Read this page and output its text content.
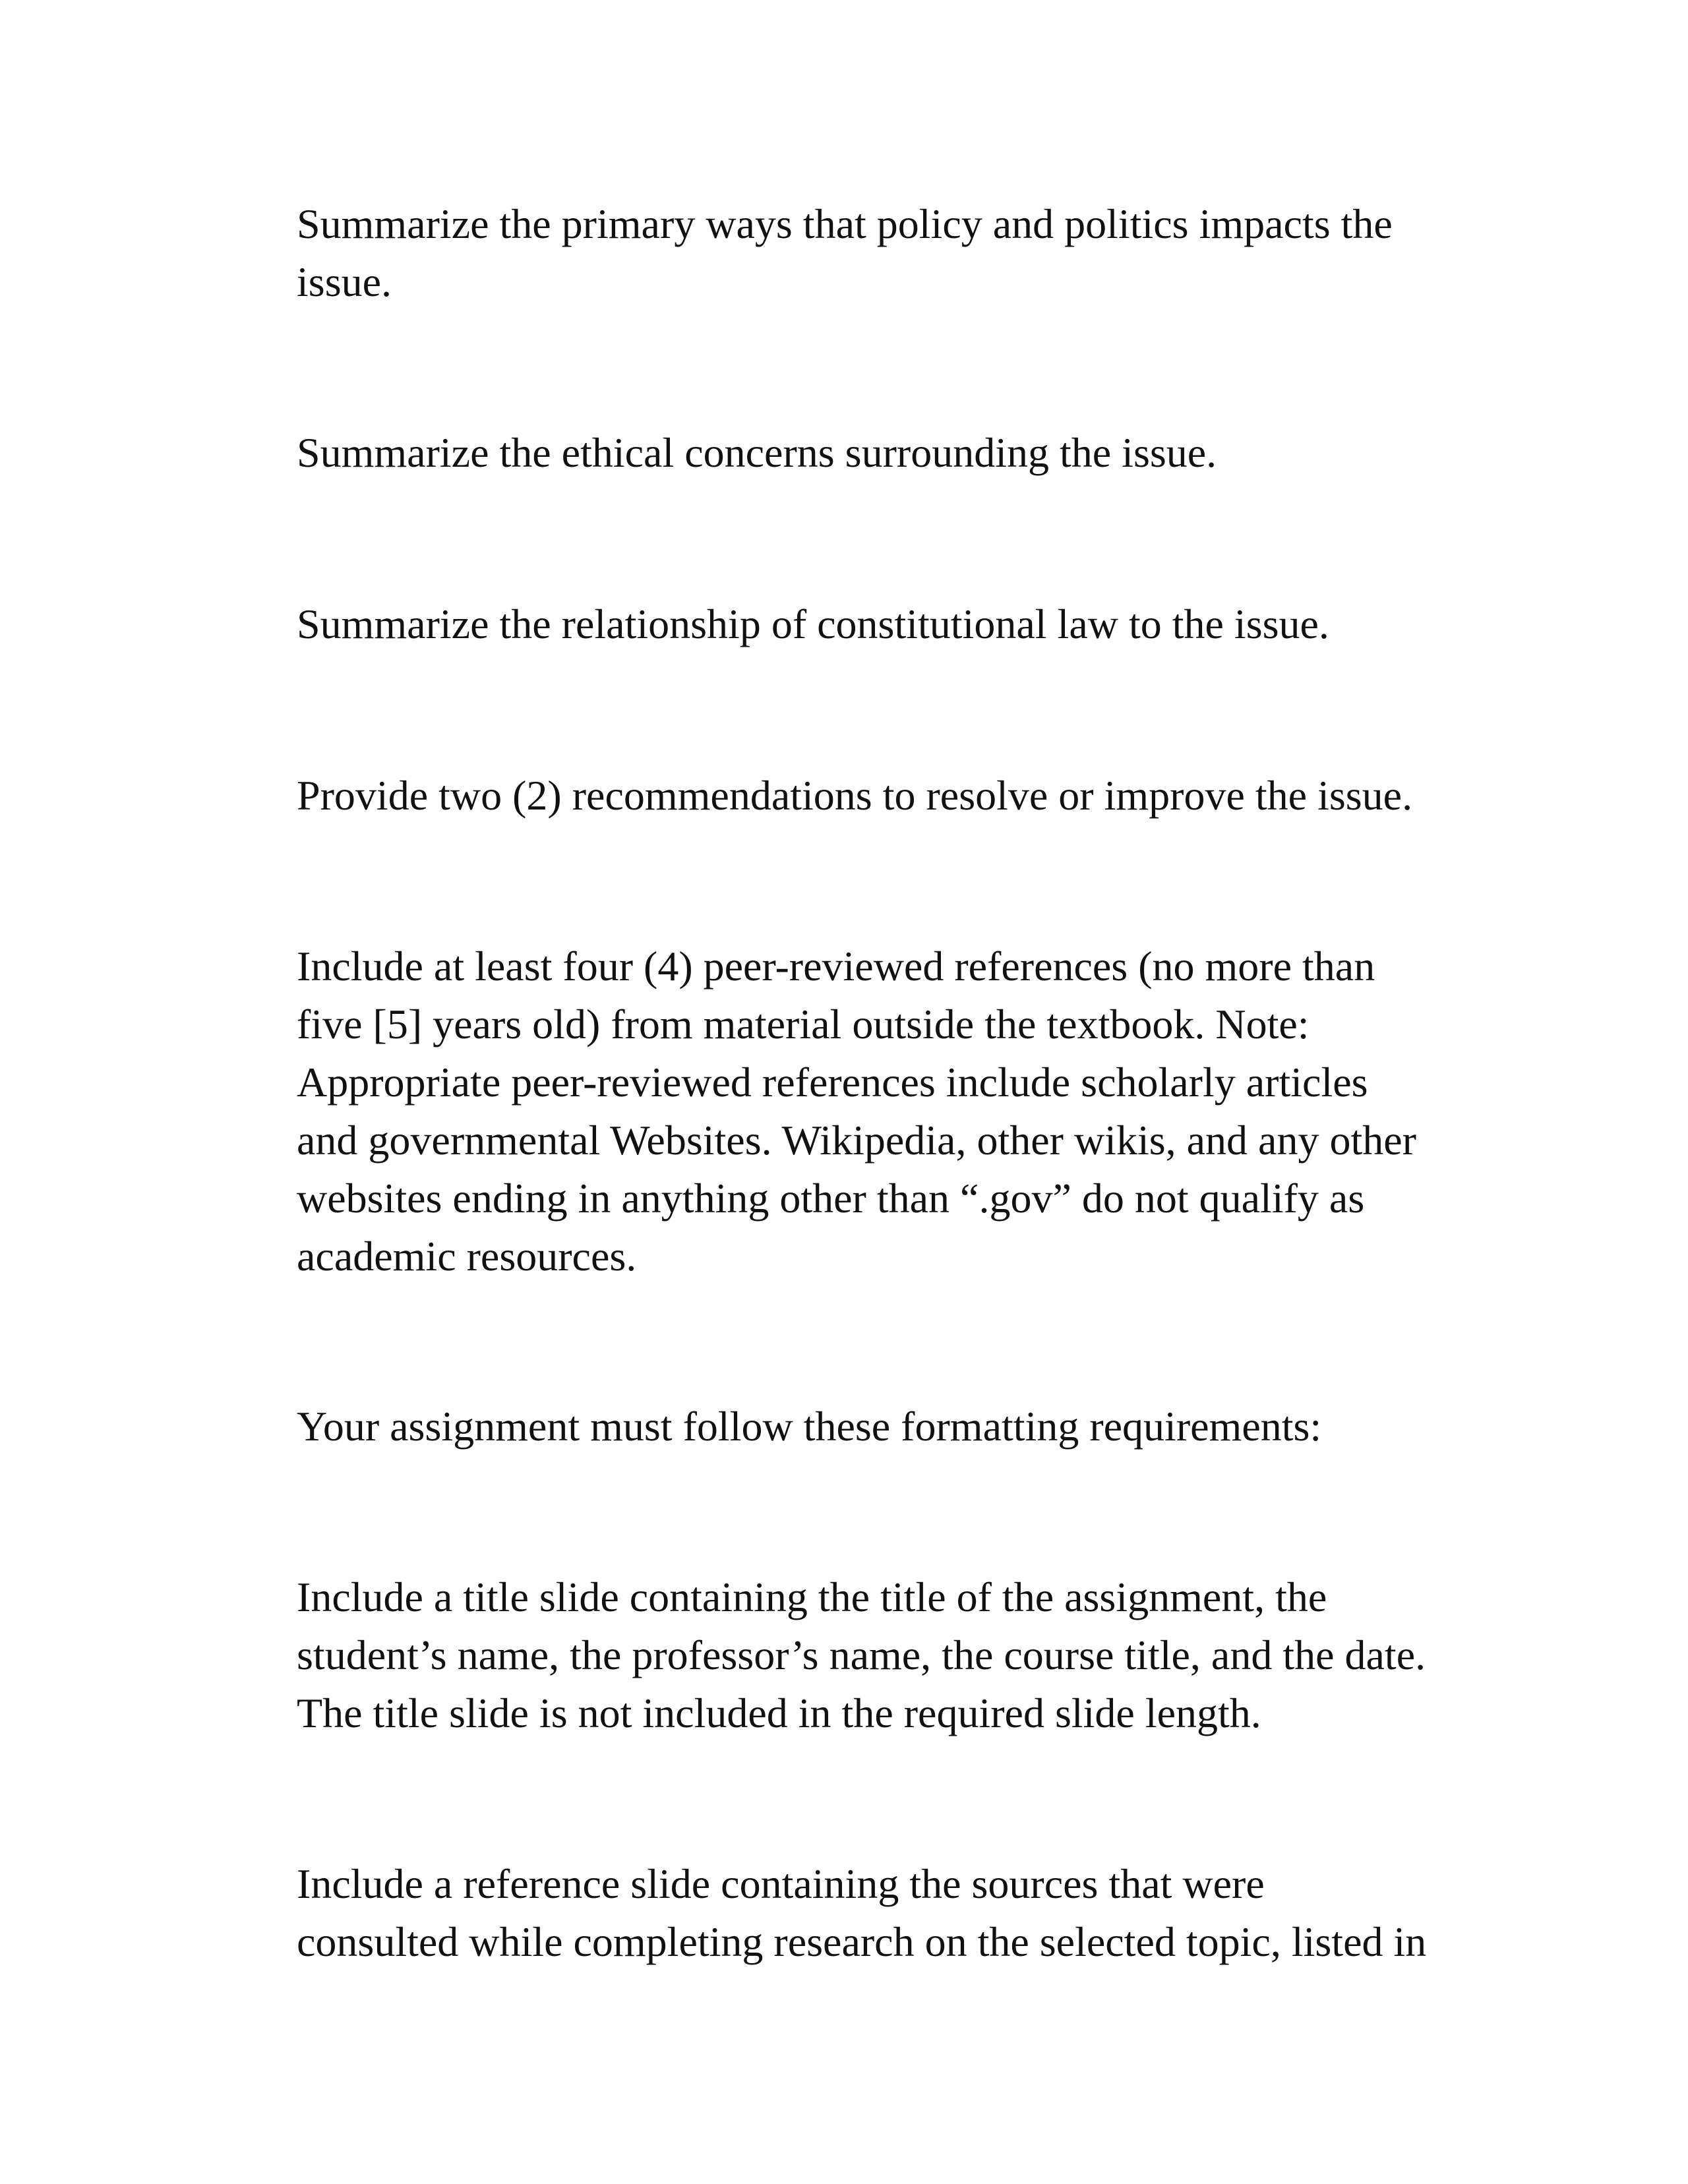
Summarize the primary ways that policy and politics impacts the
issue.

Summarize the ethical concerns surrounding the issue.

Summarize the relationship of constitutional law to the issue.

Provide two (2) recommendations to resolve or improve the issue.

Include at least four (4) peer-reviewed references (no more than
five [5] years old) from material outside the textbook. Note:
Appropriate peer-reviewed references include scholarly articles
and governmental Websites. Wikipedia, other wikis, and any other
websites ending in anything other than “.gov” do not qualify as
academic resources.

Your assignment must follow these formatting requirements:

Include a title slide containing the title of the assignment, the
student’s name, the professor’s name, the course title, and the date.
The title slide is not included in the required slide length.

Include a reference slide containing the sources that were
consulted while completing research on the selected topic, listed in
